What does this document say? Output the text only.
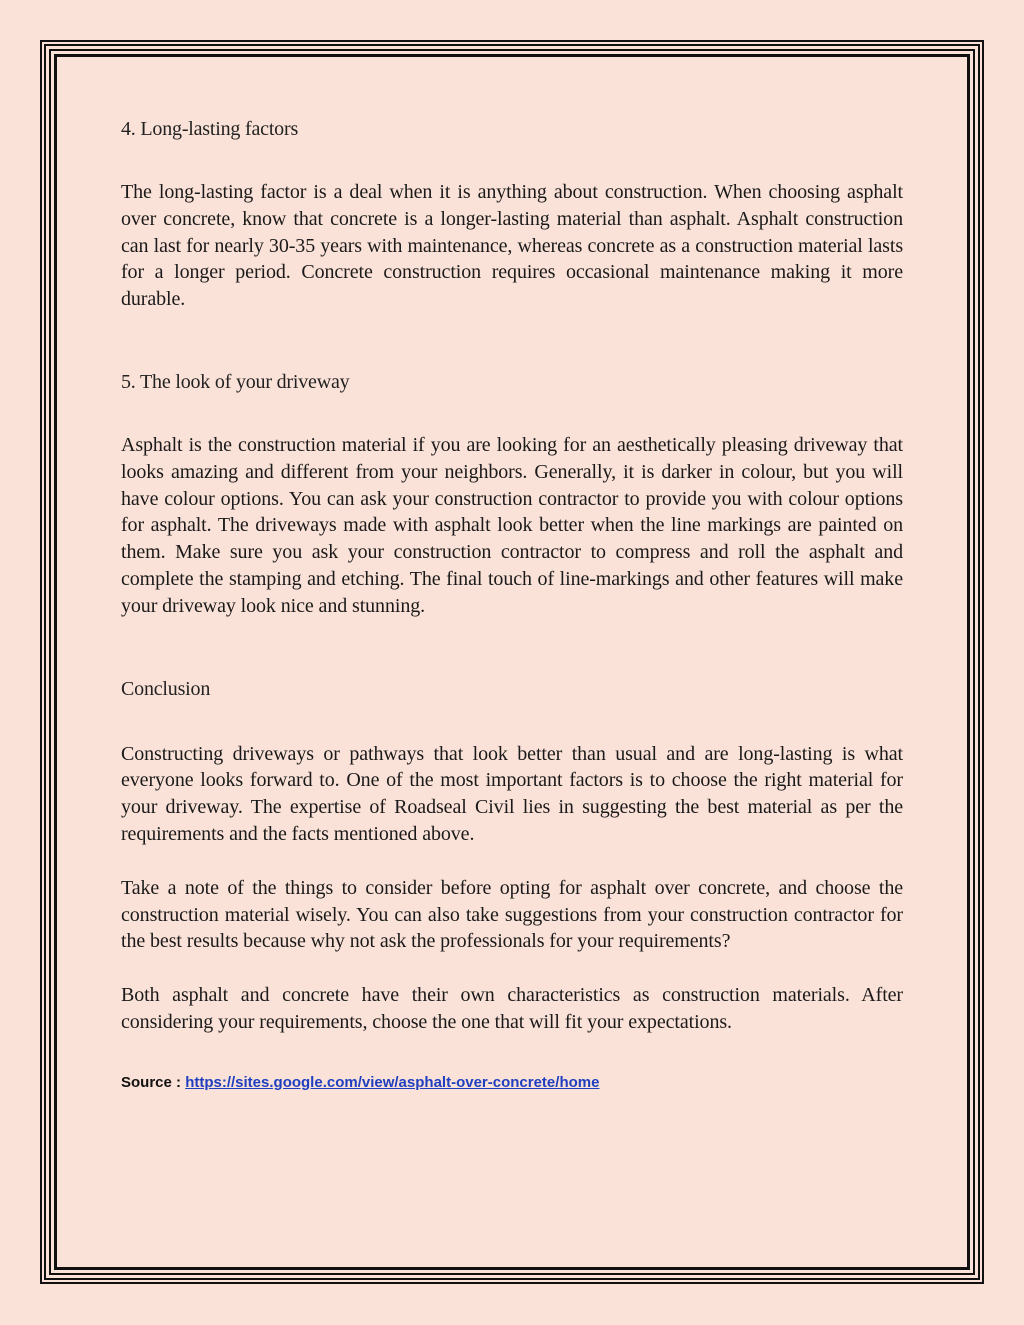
4. Long-lasting factors

The long-lasting factor is a deal when it is anything about construction. When choosing asphalt over concrete, know that concrete is a longer-lasting material than asphalt. Asphalt construction can last for nearly 30-35 years with maintenance, whereas concrete as a construction material lasts for a longer period. Concrete construction requires occasional maintenance making it more durable.

5. The look of your driveway

Asphalt is the construction material if you are looking for an aesthetically pleasing driveway that looks amazing and different from your neighbors. Generally, it is darker in colour, but you will have colour options. You can ask your construction contractor to provide you with colour options for asphalt. The driveways made with asphalt look better when the line markings are painted on them. Make sure you ask your construction contractor to compress and roll the asphalt and complete the stamping and etching. The final touch of line-markings and other features will make your driveway look nice and stunning.

Conclusion

Constructing driveways or pathways that look better than usual and are long-lasting is what everyone looks forward to. One of the most important factors is to choose the right material for your driveway. The expertise of Roadseal Civil lies in suggesting the best material as per the requirements and the facts mentioned above.

Take a note of the things to consider before opting for asphalt over concrete, and choose the construction material wisely. You can also take suggestions from your construction contractor for the best results because why not ask the professionals for your requirements?

Both asphalt and concrete have their own characteristics as construction materials. After considering your requirements, choose the one that will fit your expectations.

Source : https://sites.google.com/view/asphalt-over-concrete/home
